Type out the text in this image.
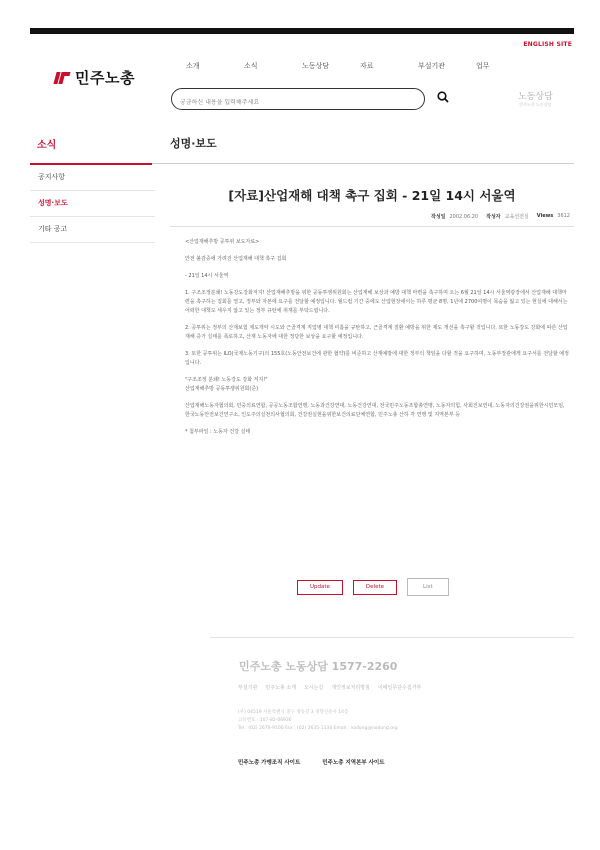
ENGLISH SITE
민주노총
소개	소식	노동상담	자료	부설기관	업무
궁금하신 내용을 입력해주세요
노동상담
민주노총 노동상담
소식	성명·보도
공지사항
성명·보도
기타 공고
[자료]산업재해 대책 촉구 집회 - 21일 14시 서울역
작성일 2002.06.20 작성자 교육선전실 Views 3612

<산업재해추방 공투위 보도자료>

안전 불감증에 가려진 산업재해 대책 촉구 집회

- 21일 14시 서울역

1. 구조조정분쇄! 노동강도강화저지! 산업재해추방을 위한 공동투쟁위원회는 산업재해 보상과 예방 대책 마련을 촉구하며 오는 6월 21일 14시 서울역광장에서 산업재해 대책마련을 촉구하는 집회를 열고, 정부와 자본에 요구를 전달할 예정입니다. 월드컵 기간 중에도 산업현장에서는 하루 평균 8명, 1년에 2700여명이 목숨을 잃고 있는 현실에 대해서는 어떠한 대책도 세우지 않고 있는 정부 규탄에 취재를 부탁드립니다.

2. 공투위는 정부의 산재보험 제도개악 시도와 근골격계 직업병 대책 미흡을 규탄하고, 근골격계 질환 예방을 위한 제도 개선을 촉구할 것입니다. 또한 노동강도 강화에 따른 산업재해 증가 실태를 폭로하고, 산재 노동자에 대한 정당한 보상을 요구할 예정입니다.

3. 또한 공투위는 ILO(국제노동기구)의 155호(노동안전보건에 관한 협약)를 비준하고 산재예방에 대한 정부의 책임을 다할 것을 요구하며, 노동부장관에게 요구서를 전달할 예정입니다.

"구조조정 분쇄! 노동강도 강화 저지!"

산업재해추방 공동투쟁위원회(준)

산업재해노동자협의회, 민중의료연합, 공공노동조합연맹, 노동과건강연대, 노동건강연대, 전국민주노동조합총연맹, 노동자의힘, 사회진보연대, 노동자의건강권을위한시민모임, 한국노동안전보건연구소, 인도주의실천의사협의회, 건강권실현을위한보건의료단체연합, 민주노총 산하 각 연맹 및 지역본부 등

* 첨부파일 : 노동자 건강 실태

Update	Delete	List
민주노총 노동상담 1577-2260
부설기관 민주노총 소개 오시는길 개인정보처리방침 이메일무단수집거부
(우) 04519 서울특별시 중구 정동길 3 경향신문사 14층
고유번호 : 107-82-06936
Tel : (02) 2670-9100 Fax : (02) 2635-1134 Email : nodong@nodong.org
민주노총 가맹조직 사이트	민주노총 지역본부 사이트
